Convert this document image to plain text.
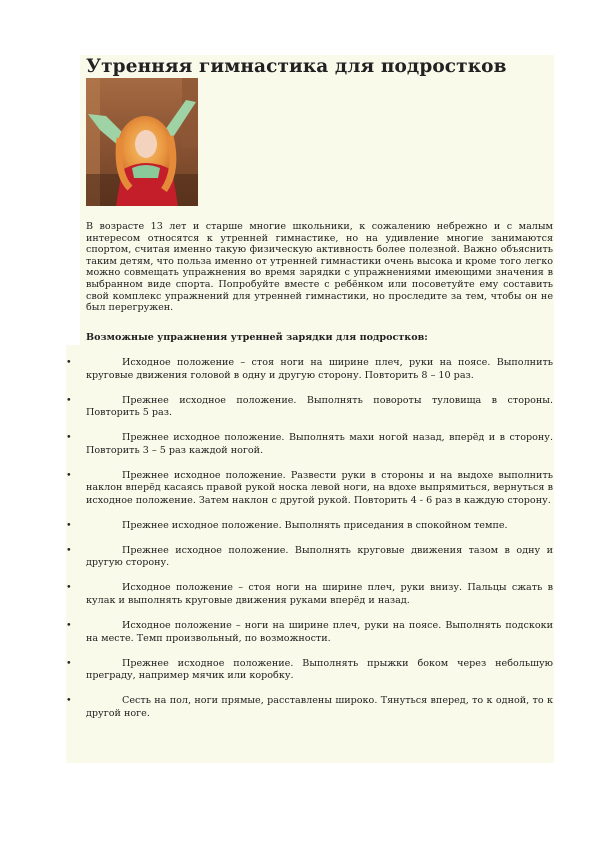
Утренняя гимнастика для подростков
В возрасте 13 лет и старше многие школьники, к сожалению небрежно и с малым интересом относятся к утренней гимнастике, но на удивление многие занимаются спортом, считая именно такую физическую активность более полезной. Важно объяснить таким детям, что польза именно от утренней гимнастики очень высока и кроме того легко можно совмещать упражнения во время зарядки с упражнениями имеющими значения в выбранном виде спорта. Попробуйте вместе с ребёнком или посоветуйте ему составить свой комплекс упражнений для утренней гимнастики, но проследите за тем, чтобы он не был перегружен.
Возможные упражнения утренней зарядки для подростков:
•	Исходное положение – стоя ноги на ширине плеч, руки на поясе. Выполнить круговые движения головой в одну и другую сторону. Повторить 8 – 10 раз.
•	Прежнее исходное положение. Выполнять повороты туловища в стороны. Повторить 5 раз.
•	Прежнее исходное положение. Выполнять махи ногой назад, вперёд и в сторону. Повторить 3 – 5 раз каждой ногой.
•	Прежнее исходное положение. Развести руки в стороны и на выдохе выполнить наклон вперёд касаясь правой рукой носка левой ноги, на вдохе выпрямиться, вернуться в исходное положение. Затем наклон с другой рукой. Повторить 4 - 6 раз в каждую сторону.
•	Прежнее исходное положение. Выполнять приседания в спокойном темпе.
•	Прежнее исходное положение. Выполнять круговые движения тазом в одну и другую сторону.
•	Исходное положение – стоя ноги на ширине плеч, руки внизу. Пальцы сжать в кулак и выполнять круговые движения руками вперёд и назад.
•	Исходное положение – ноги на ширине плеч, руки на поясе. Выполнять подскоки на месте. Темп произвольный, по возможности.
•	Прежнее исходное положение. Выполнять прыжки боком через небольшую преграду, например мячик или коробку.
•	Сесть на пол, ноги прямые, расставлены широко. Тянуться вперед, то к одной, то к другой ноге.
